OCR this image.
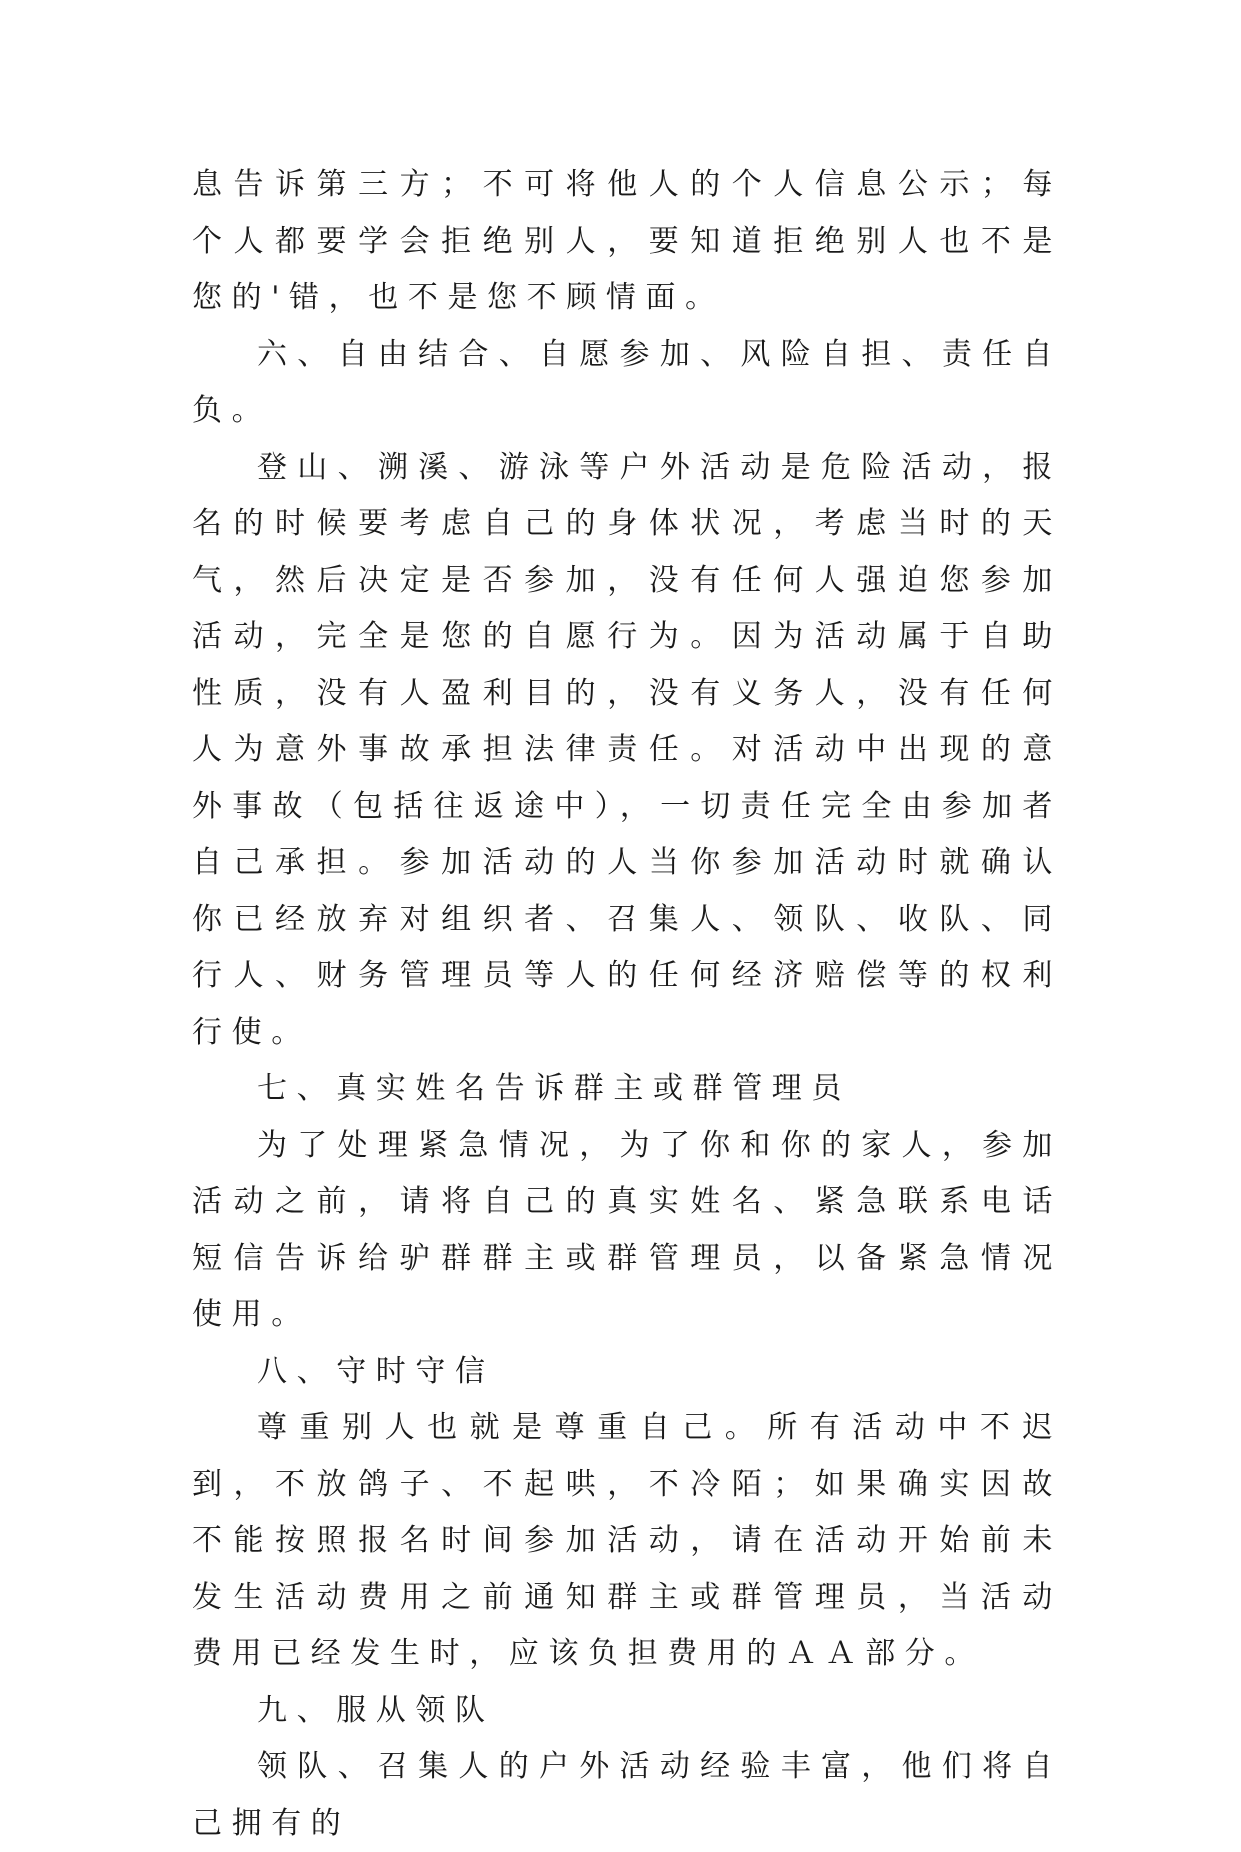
息告诉第三方；不可将他人的个人信息公示；每个人都要学会拒绝别人，要知道拒绝别人也不是您的'错，也不是您不顾情面。

六、自由结合、自愿参加、风险自担、责任自负。

登山、溯溪、游泳等户外活动是危险活动，报名的时候要考虑自己的身体状况，考虑当时的天气，然后决定是否参加，没有任何人强迫您参加活动，完全是您的自愿行为。因为活动属于自助性质，没有人盈利目的，没有义务人，没有任何人为意外事故承担法律责任。对活动中出现的意外事故（包括往返途中），一切责任完全由参加者自己承担。参加活动的人当你参加活动时就确认你已经放弃对组织者、召集人、领队、收队、同行人、财务管理员等人的任何经济赔偿等的权利行使。

七、真实姓名告诉群主或群管理员

为了处理紧急情况，为了你和你的家人，参加活动之前，请将自己的真实姓名、紧急联系电话短信告诉给驴群群主或群管理员，以备紧急情况使用。

八、守时守信

尊重别人也就是尊重自己。所有活动中不迟到，不放鸽子、不起哄，不冷陌；如果确实因故不能按照报名时间参加活动，请在活动开始前未发生活动费用之前通知群主或群管理员，当活动费用已经发生时，应该负担费用的ＡＡ部分。

九、服从领队

领队、召集人的户外活动经验丰富，他们将自己拥有的
